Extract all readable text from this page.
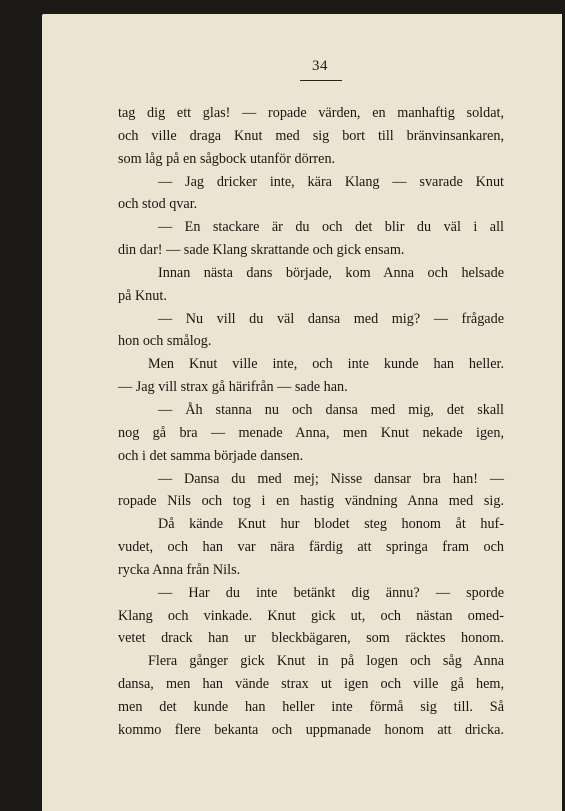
34
tag dig ett glas! — ropade värden, en manhaftig soldat,
och ville draga Knut med sig bort till bränvinsankaren,
som låg på en sågbock utanför dörren.
— Jag dricker inte, kära Klang — svarade Knut
och stod qvar.
— En stackare är du och det blir du väl i all
din dar! — sade Klang skrattande och gick ensam.
Innan nästa dans började, kom Anna och helsade
på Knut.
— Nu vill du väl dansa med mig? — frågade
hon och smålog.
Men Knut ville inte, och inte kunde han heller.
— Jag vill strax gå härifrån — sade han.
— Åh stanna nu och dansa med mig, det skall
nog gå bra — menade Anna, men Knut nekade igen,
och i det samma började dansen.
— Dansa du med mej; Nisse dansar bra han! —
ropade Nils och tog i en hastig vändning Anna med sig.
Då kände Knut hur blodet steg honom åt huf-
vudet, och han var nära färdig att springa fram och
rycka Anna från Nils.
— Har du inte betänkt dig ännu? — sporde
Klang och vinkade. Knut gick ut, och nästan omed-
vetet drack han ur bleckbägaren, som räcktes honom.
Flera gånger gick Knut in på logen och såg Anna
dansa, men han vände strax ut igen och ville gå hem,
men det kunde han heller inte förmå sig till. Så
kommo flere bekanta och uppmanade honom att dricka.
